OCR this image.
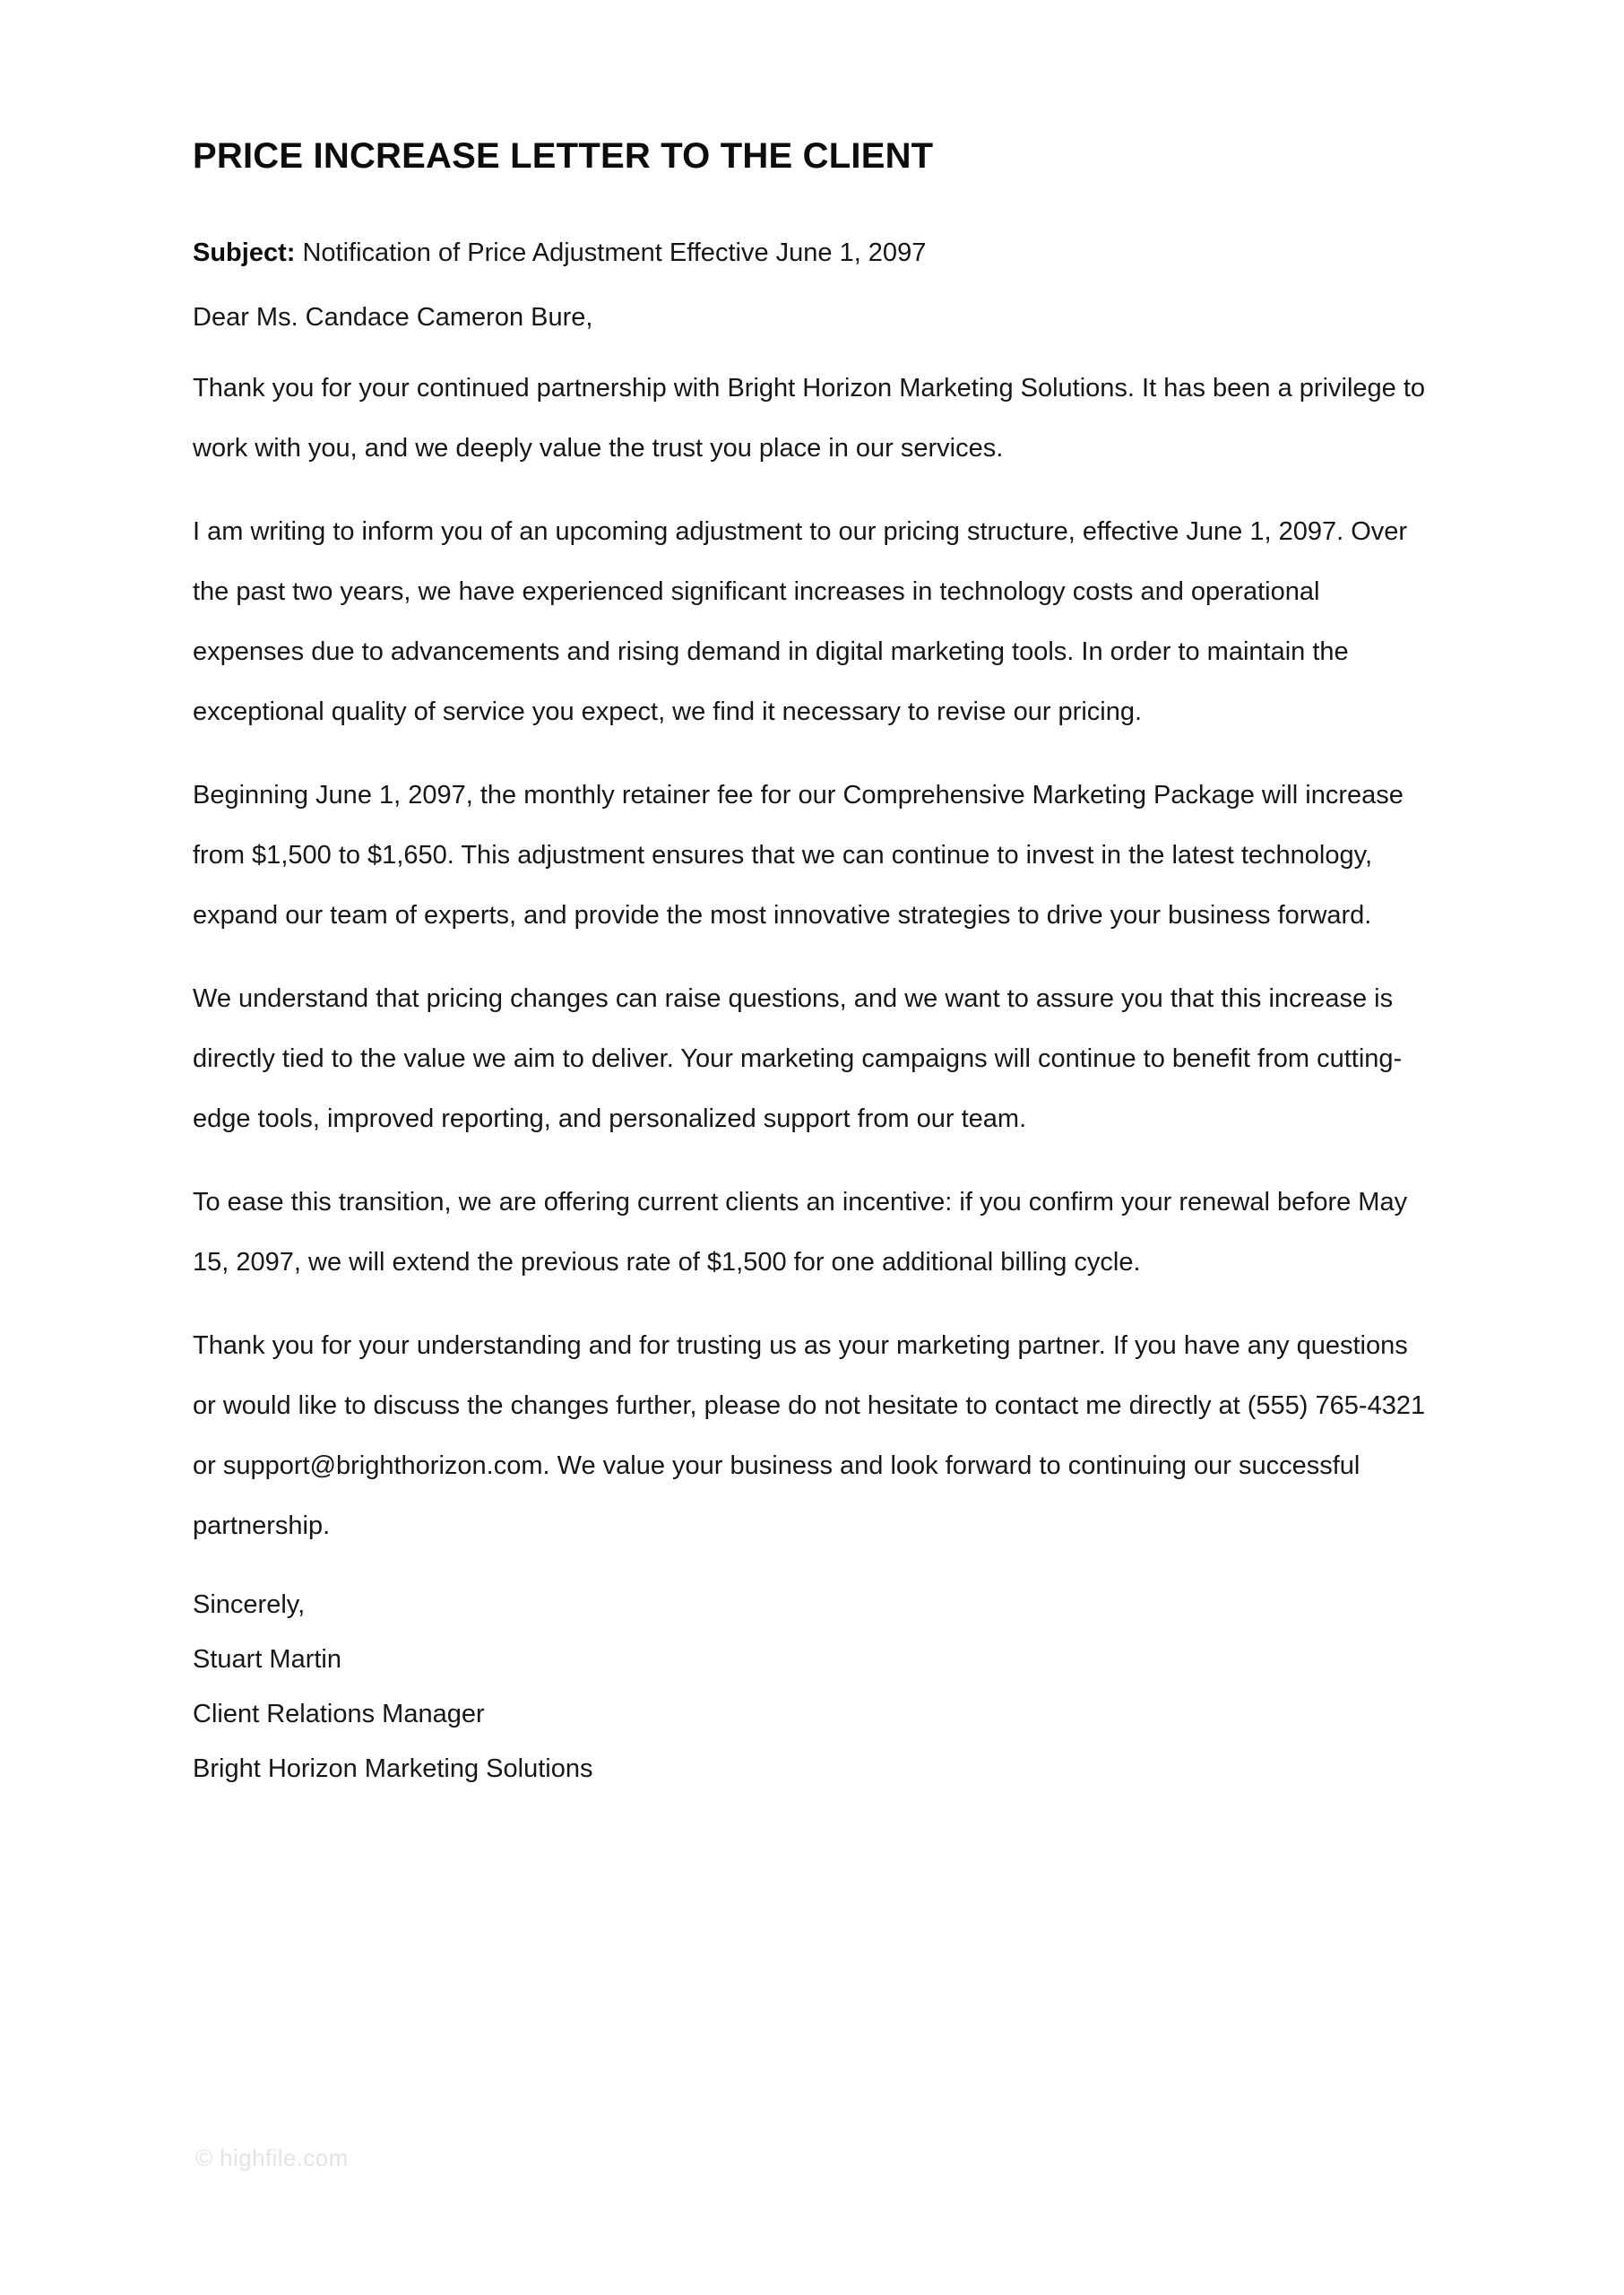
PRICE INCREASE LETTER TO THE CLIENT

Subject: Notification of Price Adjustment Effective June 1, 2097

Dear Ms. Candace Cameron Bure,

Thank you for your continued partnership with Bright Horizon Marketing Solutions. It has been a privilege to work with you, and we deeply value the trust you place in our services.

I am writing to inform you of an upcoming adjustment to our pricing structure, effective June 1, 2097. Over the past two years, we have experienced significant increases in technology costs and operational expenses due to advancements and rising demand in digital marketing tools. In order to maintain the exceptional quality of service you expect, we find it necessary to revise our pricing.

Beginning June 1, 2097, the monthly retainer fee for our Comprehensive Marketing Package will increase from $1,500 to $1,650. This adjustment ensures that we can continue to invest in the latest technology, expand our team of experts, and provide the most innovative strategies to drive your business forward.

We understand that pricing changes can raise questions, and we want to assure you that this increase is directly tied to the value we aim to deliver. Your marketing campaigns will continue to benefit from cutting-edge tools, improved reporting, and personalized support from our team.

To ease this transition, we are offering current clients an incentive: if you confirm your renewal before May 15, 2097, we will extend the previous rate of $1,500 for one additional billing cycle.

Thank you for your understanding and for trusting us as your marketing partner. If you have any questions or would like to discuss the changes further, please do not hesitate to contact me directly at (555) 765-4321 or support@brighthorizon.com. We value your business and look forward to continuing our successful partnership.

Sincerely,

Stuart Martin

Client Relations Manager

Bright Horizon Marketing Solutions

© highfile.com
